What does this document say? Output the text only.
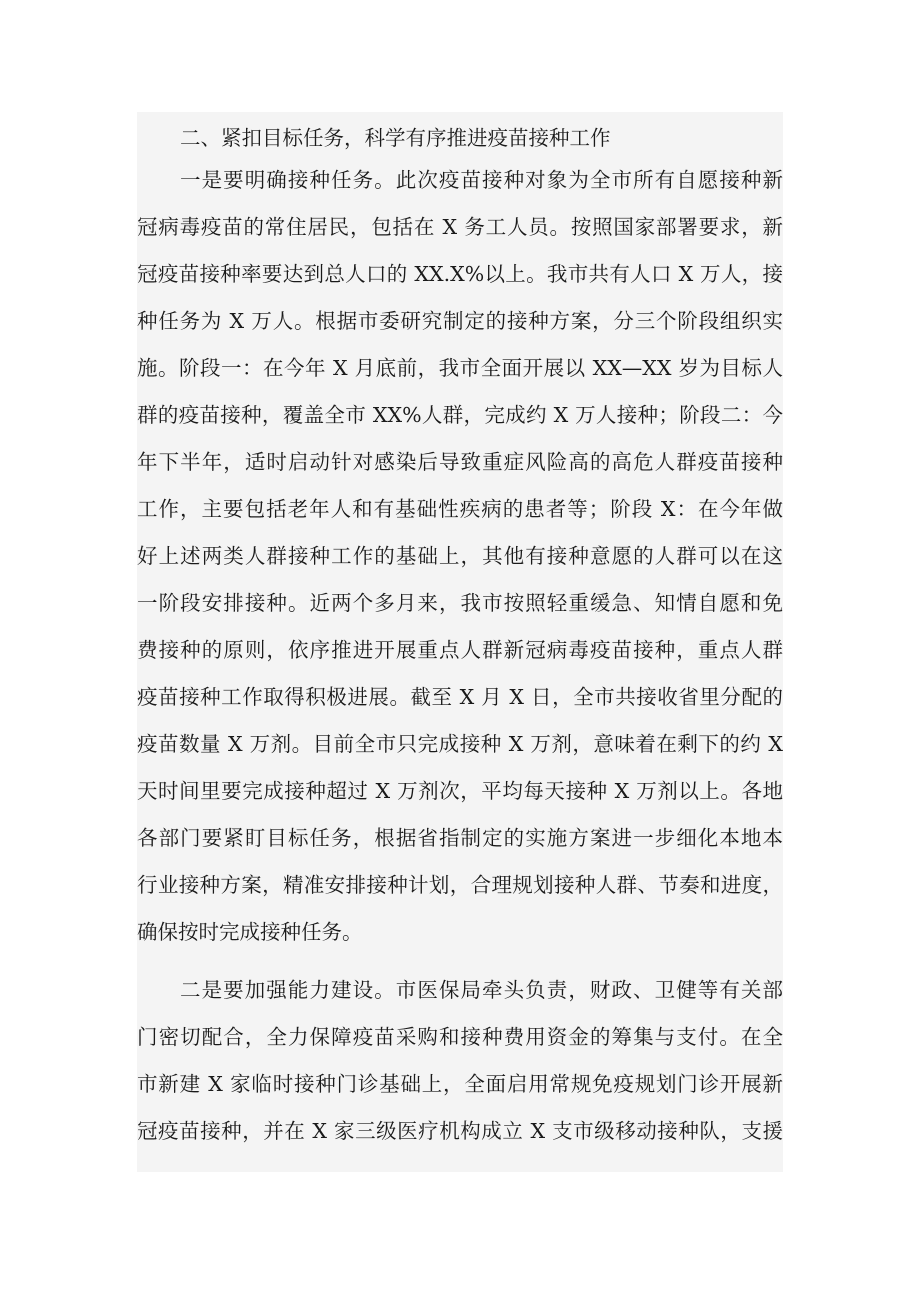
二、紧扣目标任务，科学有序推进疫苗接种工作
一是要明确接种任务。此次疫苗接种对象为全市所有自愿接种新
冠病毒疫苗的常住居民，包括在 X 务工人员。按照国家部署要求，新
冠疫苗接种率要达到总人口的 XX.X%以上。我市共有人口 X 万人，接
种任务为 X 万人。根据市委研究制定的接种方案，分三个阶段组织实
施。阶段一：在今年 X 月底前，我市全面开展以 XX—XX 岁为目标人
群的疫苗接种，覆盖全市 XX%人群，完成约 X 万人接种；阶段二：今
年下半年，适时启动针对感染后导致重症风险高的高危人群疫苗接种
工作，主要包括老年人和有基础性疾病的患者等；阶段 X：在今年做
好上述两类人群接种工作的基础上，其他有接种意愿的人群可以在这
一阶段安排接种。近两个多月来，我市按照轻重缓急、知情自愿和免
费接种的原则，依序推进开展重点人群新冠病毒疫苗接种，重点人群
疫苗接种工作取得积极进展。截至 X 月 X 日，全市共接收省里分配的
疫苗数量 X 万剂。目前全市只完成接种 X 万剂，意味着在剩下的约 X
天时间里要完成接种超过 X 万剂次，平均每天接种 X 万剂以上。各地
各部门要紧盯目标任务，根据省指制定的实施方案进一步细化本地本
行业接种方案，精准安排接种计划，合理规划接种人群、节奏和进度，
确保按时完成接种任务。
二是要加强能力建设。市医保局牵头负责，财政、卫健等有关部
门密切配合，全力保障疫苗采购和接种费用资金的筹集与支付。在全
市新建 X 家临时接种门诊基础上，全面启用常规免疫规划门诊开展新
冠疫苗接种，并在 X 家三级医疗机构成立 X 支市级移动接种队，支援
